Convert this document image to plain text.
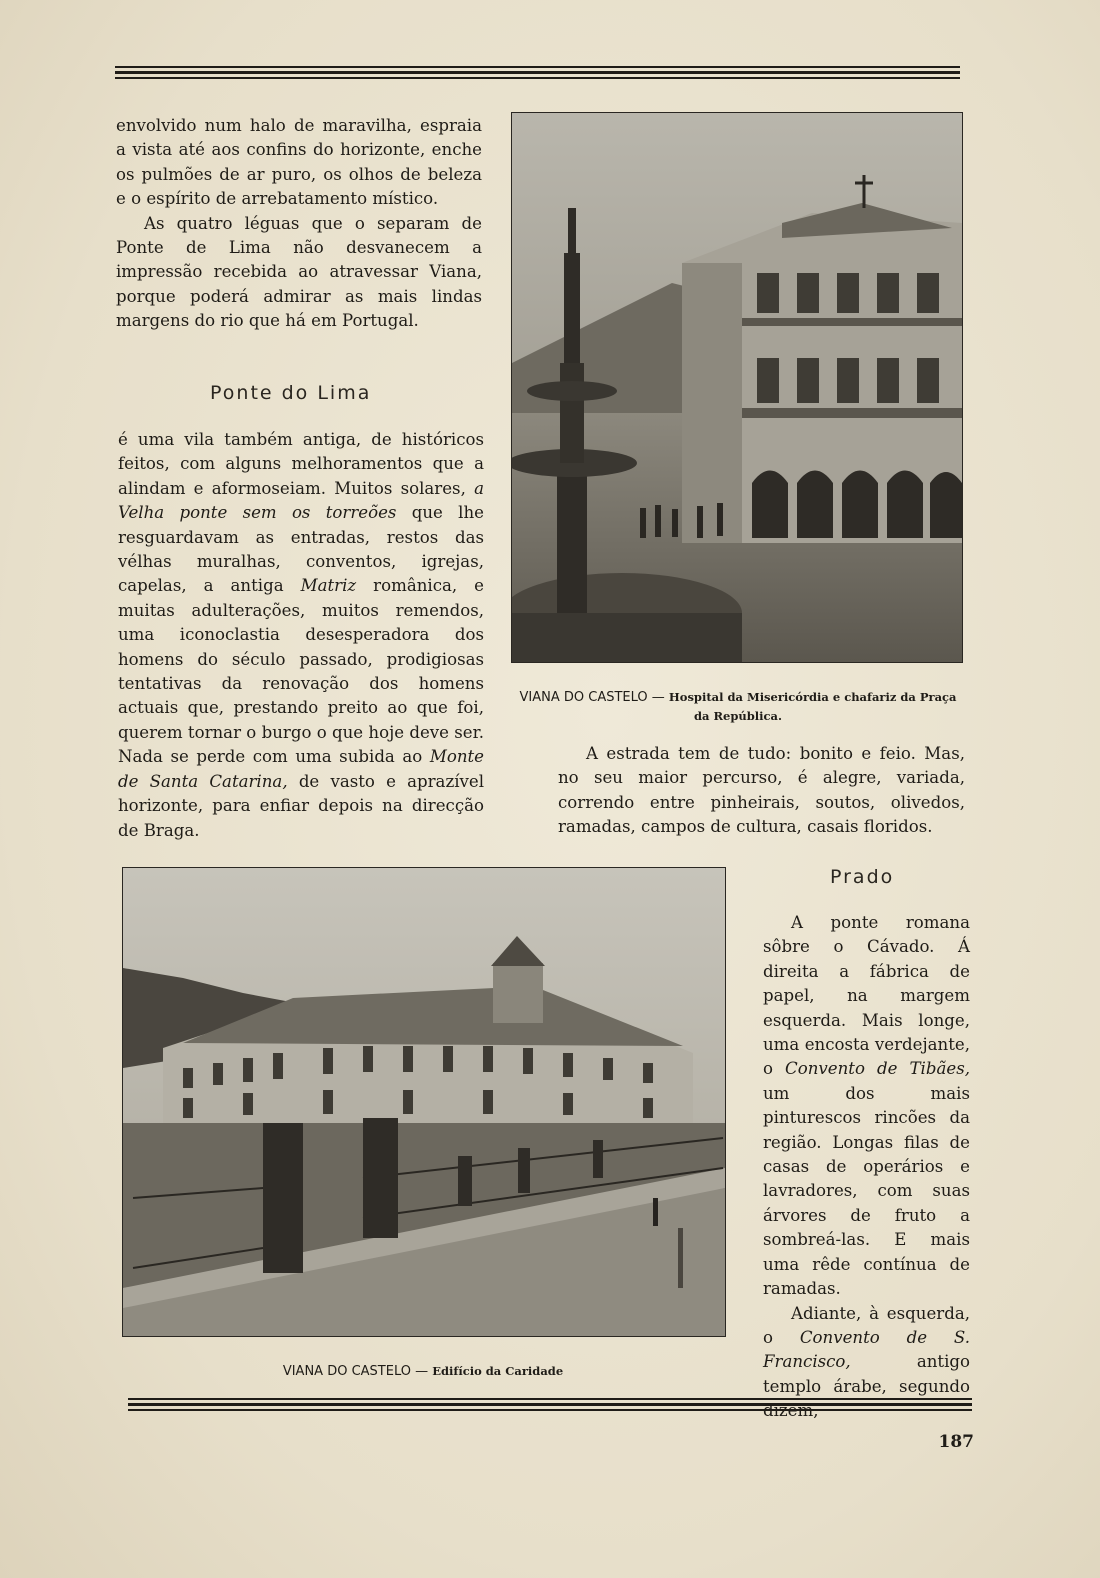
envolvido num halo de maravilha, espraia a vista até aos confins do horizonte, enche os pulmões de ar puro, os olhos de beleza e o espírito de arrebatamento místico.

As quatro léguas que o separam de Ponte de Lima não desvanecem a impressão recebida ao atravessar Viana, porque poderá admirar as mais lindas margens do rio que há em Portugal.

Ponte do Lima

é uma vila também antiga, de históricos feitos, com alguns melhoramentos que a alindam e aformoseiam. Muitos solares, a Velha ponte sem os torreões que lhe resguardavam as entradas, restos das vélhas muralhas, conventos, igrejas, capelas, a antiga Matriz românica, e muitas adulterações, muitos remendos, uma iconoclastia desesperadora dos homens do século passado, prodigiosas tentativas da renovação dos homens actuais que, prestando preito ao que foi, querem tornar o burgo o que hoje deve ser. Nada se perde com uma subida ao Monte de Santa Catarina, de vasto e aprazível horizonte, para enfiar depois na direcção de Braga.

VIANA DO CASTELO — Hospital da Misericórdia e chafariz da Praça da República.

A estrada tem de tudo: bonito e feio. Mas, no seu maior percurso, é alegre, variada, correndo entre pinheirais, soutos, olivedos, ramadas, campos de cultura, casais floridos.

VIANA DO CASTELO — Edifício da Caridade
Prado

A ponte romana sôbre o Cávado. Á direita a fábrica de papel, na margem esquerda. Mais longe, uma encosta verdejante, o Convento de Tibães, um dos mais pinturescos rincões da região. Longas filas de casas de operários e lavradores, com suas árvores de fruto a sombreá-las. E mais uma rêde contínua de ramadas.

Adiante, à esquerda, o Convento de S. Francisco,	antigo templo árabe, segundo

187
